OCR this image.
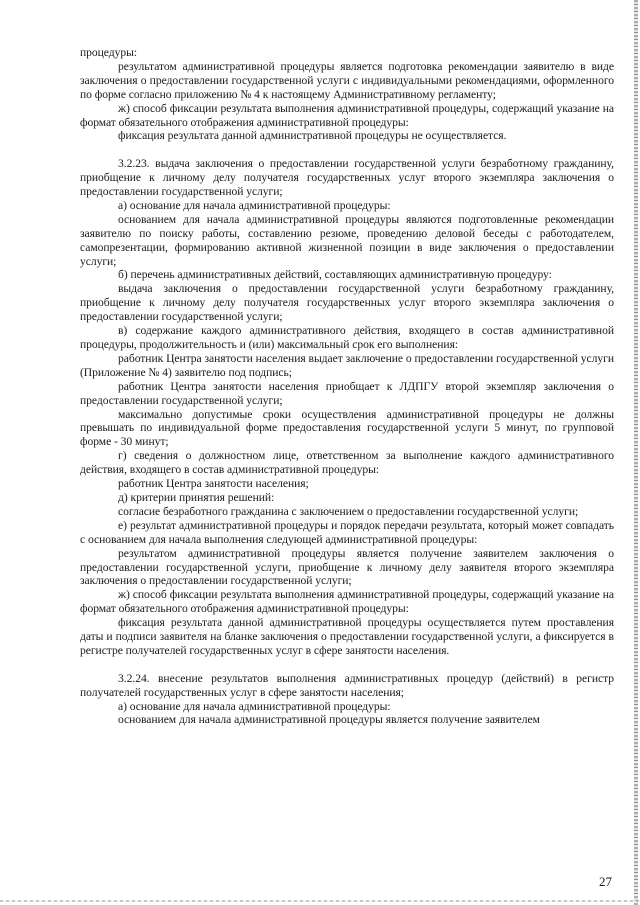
процедуры:

результатом административной процедуры является подготовка рекомендации заявителю в виде заключения о предоставлении государственной услуги с индивидуальными рекомендациями, оформленного по форме согласно приложению № 4 к настоящему Административному регламенту;

ж) способ фиксации результата выполнения административной процедуры, содержащий указание на формат обязательного отображения административной процедуры:

фиксация результата данной административной процедуры не осуществляется.

3.2.23. выдача заключения о предоставлении государственной услуги безработному гражданину, приобщение к личному делу получателя государственных услуг второго экземпляра заключения о предоставлении государственной услуги;

а) основание для начала административной процедуры:

основанием для начала административной процедуры являются подготовленные рекомендации заявителю по поиску работы, составлению резюме, проведению деловой беседы с работодателем, самопрезентации, формированию активной жизненной позиции в виде заключения о предоставлении услуги;

б) перечень административных действий, составляющих административную процедуру:

выдача заключения о предоставлении государственной услуги безработному гражданину, приобщение к личному делу получателя государственных услуг второго экземпляра заключения о предоставлении государственной услуги;

в) содержание каждого административного действия, входящего в состав административной процедуры, продолжительность и (или) максимальный срок его выполнения:

работник Центра занятости населения выдает заключение о предоставлении государственной услуги (Приложение № 4) заявителю под подпись;

работник Центра занятости населения приобщает к ЛДПГУ второй экземпляр заключения о предоставлении государственной услуги;

максимально допустимые сроки осуществления административной процедуры не должны превышать по индивидуальной форме предоставления государственной услуги 5 минут, по групповой форме - 30 минут;

г) сведения о должностном лице, ответственном за выполнение каждого административного действия, входящего в состав административной процедуры:

работник Центра занятости населения;

д) критерии принятия решений:

согласие безработного гражданина с заключением о предоставлении государственной услуги;

е) результат административной процедуры и порядок передачи результата, который может совпадать с основанием для начала выполнения следующей административной процедуры:

результатом административной процедуры является получение заявителем заключения о предоставлении государственной услуги, приобщение к личному делу заявителя второго экземпляра заключения о предоставлении государственной услуги;

ж) способ фиксации результата выполнения административной процедуры, содержащий указание на формат обязательного отображения административной процедуры:

фиксация результата данной административной процедуры осуществляется путем проставления даты и подписи заявителя на бланке заключения о предоставлении государственной услуги, а фиксируется в регистре получателей государственных услуг в сфере занятости населения.

3.2.24. внесение результатов выполнения административных процедур (действий) в регистр получателей государственных услуг в сфере занятости населения;

а) основание для начала административной процедуры:

основанием для начала административной процедуры является получение заявителем

27
